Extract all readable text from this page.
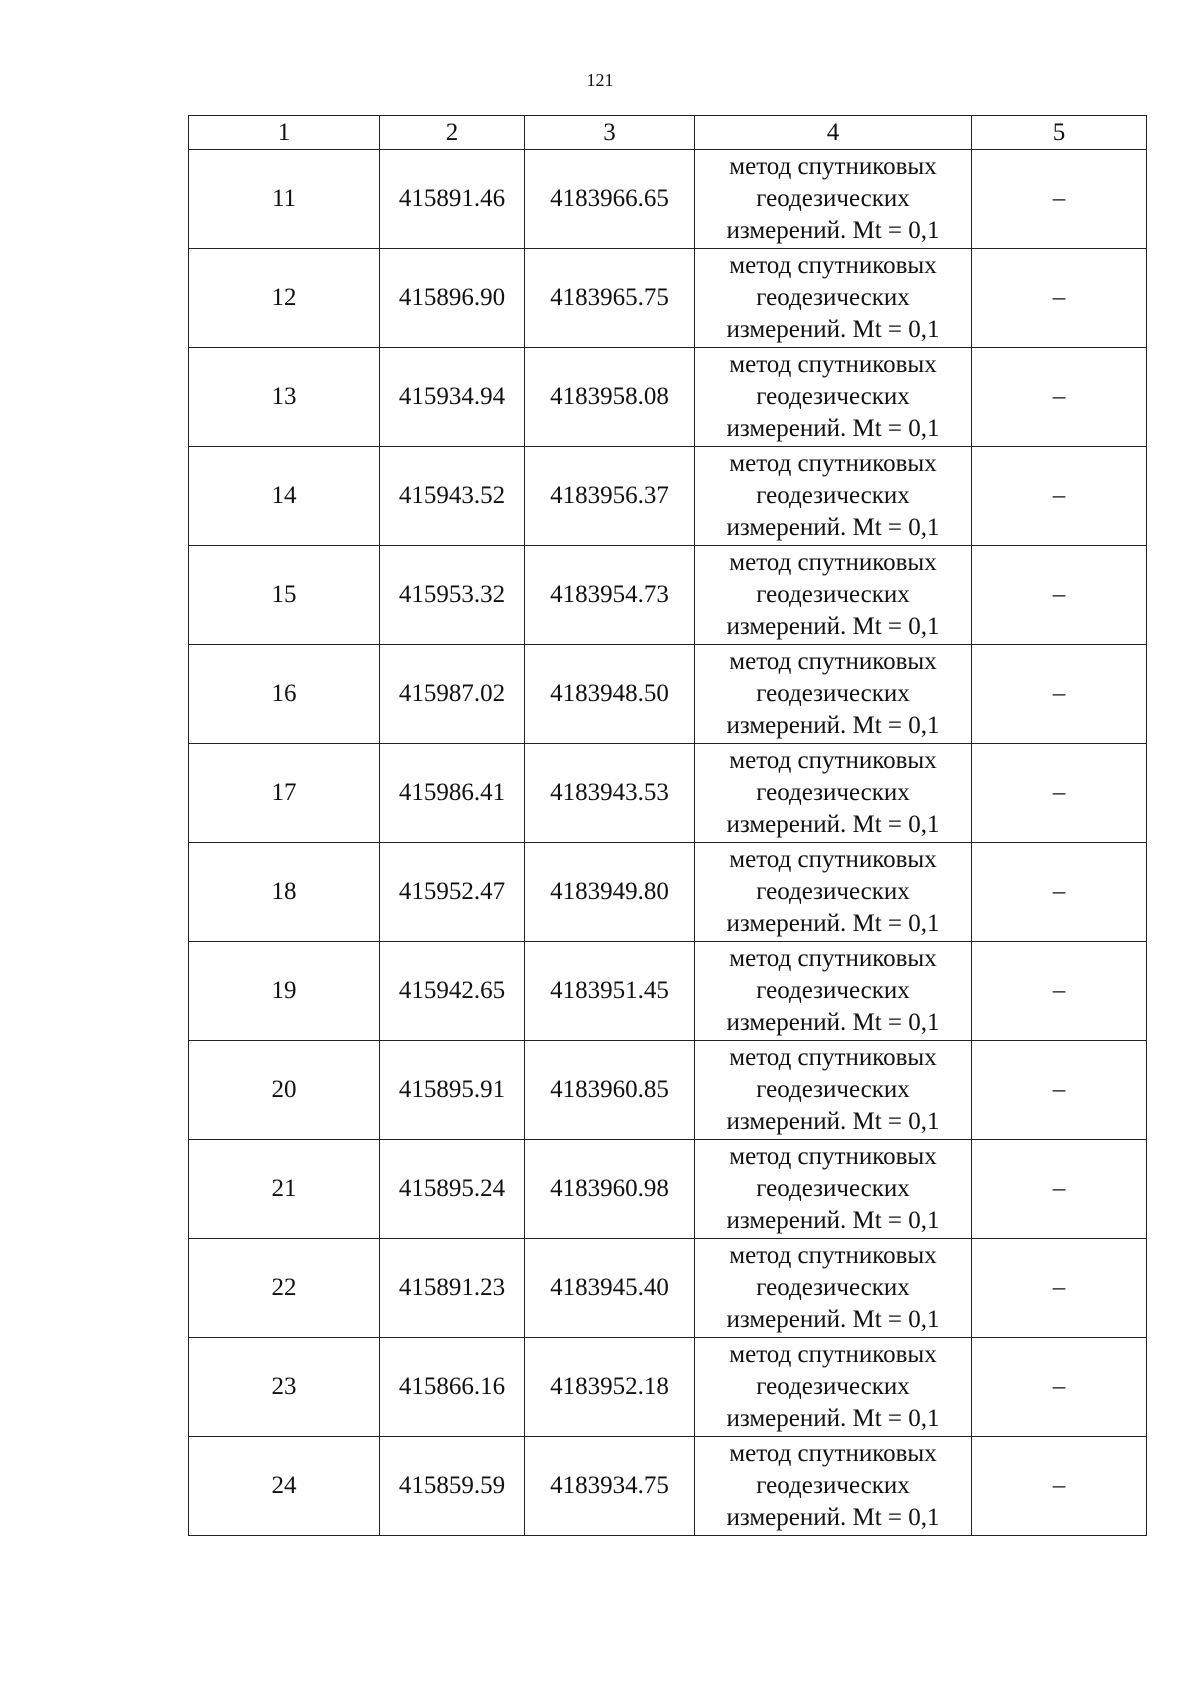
121
1	2	3	4	5
11	415891.46	4183966.65	метод спутниковых
геодезических
измерений. Mt = 0,1	–
12	415896.90	4183965.75	метод спутниковых
геодезических
измерений. Mt = 0,1	–
13	415934.94	4183958.08	метод спутниковых
геодезических
измерений. Mt = 0,1	–
14	415943.52	4183956.37	метод спутниковых
геодезических
измерений. Mt = 0,1	–
15	415953.32	4183954.73	метод спутниковых
геодезических
измерений. Mt = 0,1	–
16	415987.02	4183948.50	метод спутниковых
геодезических
измерений. Mt = 0,1	–
17	415986.41	4183943.53	метод спутниковых
геодезических
измерений. Mt = 0,1	–
18	415952.47	4183949.80	метод спутниковых
геодезических
измерений. Mt = 0,1	–
19	415942.65	4183951.45	метод спутниковых
геодезических
измерений. Mt = 0,1	–
20	415895.91	4183960.85	метод спутниковых
геодезических
измерений. Mt = 0,1	–
21	415895.24	4183960.98	метод спутниковых
геодезических
измерений. Mt = 0,1	–
22	415891.23	4183945.40	метод спутниковых
геодезических
измерений. Mt = 0,1	–
23	415866.16	4183952.18	метод спутниковых
геодезических
измерений. Mt = 0,1	–
24	415859.59	4183934.75	метод спутниковых
геодезических
измерений. Mt = 0,1	–
